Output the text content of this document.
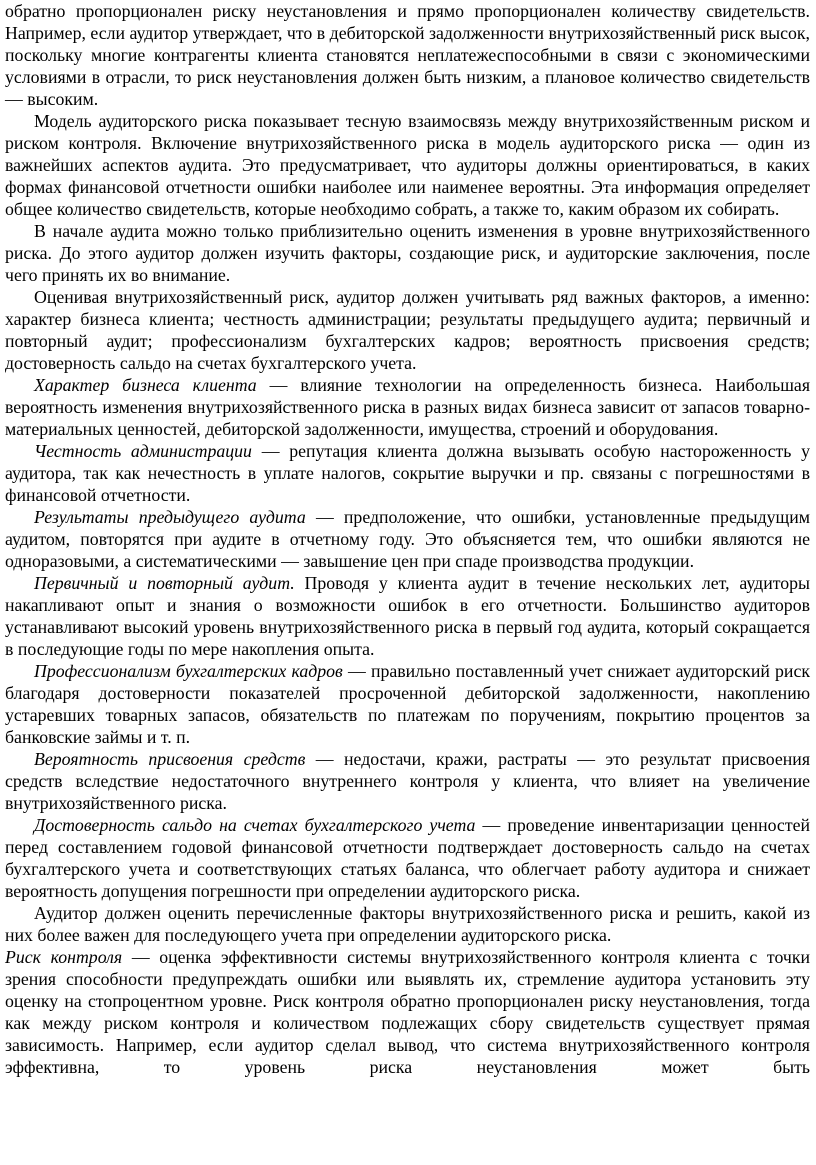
обратно пропорционален риску неустановления и прямо пропорционален количеству свидетельств. Например, если аудитор утверждает, что в дебиторской задолженности внутрихозяйственный риск высок, поскольку многие контрагенты клиента становятся неплатежеспособными в связи с экономическими условиями в отрасли, то риск неустановления должен быть низким, а плановое количество свидетельств — высоким.

Модель аудиторского риска показывает тесную взаимосвязь между внутрихозяйственным риском и риском контроля. Включение внутрихозяйственного риска в модель аудиторского риска — один из важнейших аспектов аудита. Это предусматривает, что аудиторы должны ориентироваться, в каких формах финансовой отчетности ошибки наиболее или наименее вероятны. Эта информация определяет общее количество свидетельств, которые необходимо собрать, а также то, каким образом их собирать.

В начале аудита можно только приблизительно оценить изменения в уровне внутрихозяйственного риска. До этого аудитор должен изучить факторы, создающие риск, и аудиторские заключения, после чего принять их во внимание.

Оценивая внутрихозяйственный риск, аудитор должен учитывать ряд важных факторов, а именно: характер бизнеса клиента; честность администрации; результаты предыдущего аудита; первичный и повторный аудит; профессионализм бухгалтерских кадров; вероятность присвоения средств; достоверность сальдо на счетах бухгалтерского учета.

Характер бизнеса клиента — влияние технологии на определенность бизнеса. Наибольшая вероятность изменения внутрихозяйственного риска в разных видах бизнеса зависит от запасов товарно-материальных ценностей, дебиторской задолженности, имущества, строений и оборудования.

Честность администрации — репутация клиента должна вызывать особую настороженность у аудитора, так как нечестность в уплате налогов, сокрытие выручки и пр. связаны с погрешностями в финансовой отчетности.

Результаты предыдущего аудита — предположение, что ошибки, установленные предыдущим аудитом, повторятся при аудите в отчетному году. Это объясняется тем, что ошибки являются не одноразовыми, а систематическими — завышение цен при спаде производства продукции.

Первичный и повторный аудит. Проводя у клиента аудит в течение нескольких лет, аудиторы накапливают опыт и знания о возможности ошибок в его отчетности. Большинство аудиторов устанавливают высокий уровень внутрихозяйственного риска в первый год аудита, который сокращается в последующие годы по мере накопления опыта.

Профессионализм бухгалтерских кадров — правильно поставленный учет снижает аудиторский риск благодаря достоверности показателей просроченной дебиторской задолженности, накоплению устаревших товарных запасов, обязательств по платежам по поручениям, покрытию процентов за банковские займы и т. п.

Вероятность присвоения средств — недостачи, кражи, растраты — это результат присвоения средств вследствие недостаточного внутреннего контроля у клиента, что влияет на увеличение внутрихозяйственного риска.

Достоверность сальдо на счетах бухгалтерского учета — проведение инвентаризации ценностей перед составлением годовой финансовой отчетности подтверждает достоверность сальдо на счетах бухгалтерского учета и соответствующих статьях баланса, что облегчает работу аудитора и снижает вероятность допущения погрешности при определении аудиторского риска.

Аудитор должен оценить перечисленные факторы внутрихозяйственного риска и решить, какой из них более важен для последующего учета при определении аудиторского риска.

Риск контроля — оценка эффективности системы внутрихозяйственного контроля клиента с точки зрения способности предупреждать ошибки или выявлять их, стремление аудитора установить эту оценку на стопроцентном уровне. Риск контроля обратно пропорционален риску неустановления, тогда как между риском контроля и количеством подлежащих сбору свидетельств существует прямая зависимость. Например, если аудитор сделал вывод, что система внутрихозяйственного контроля эффективна, то уровень риска неустановления может быть
